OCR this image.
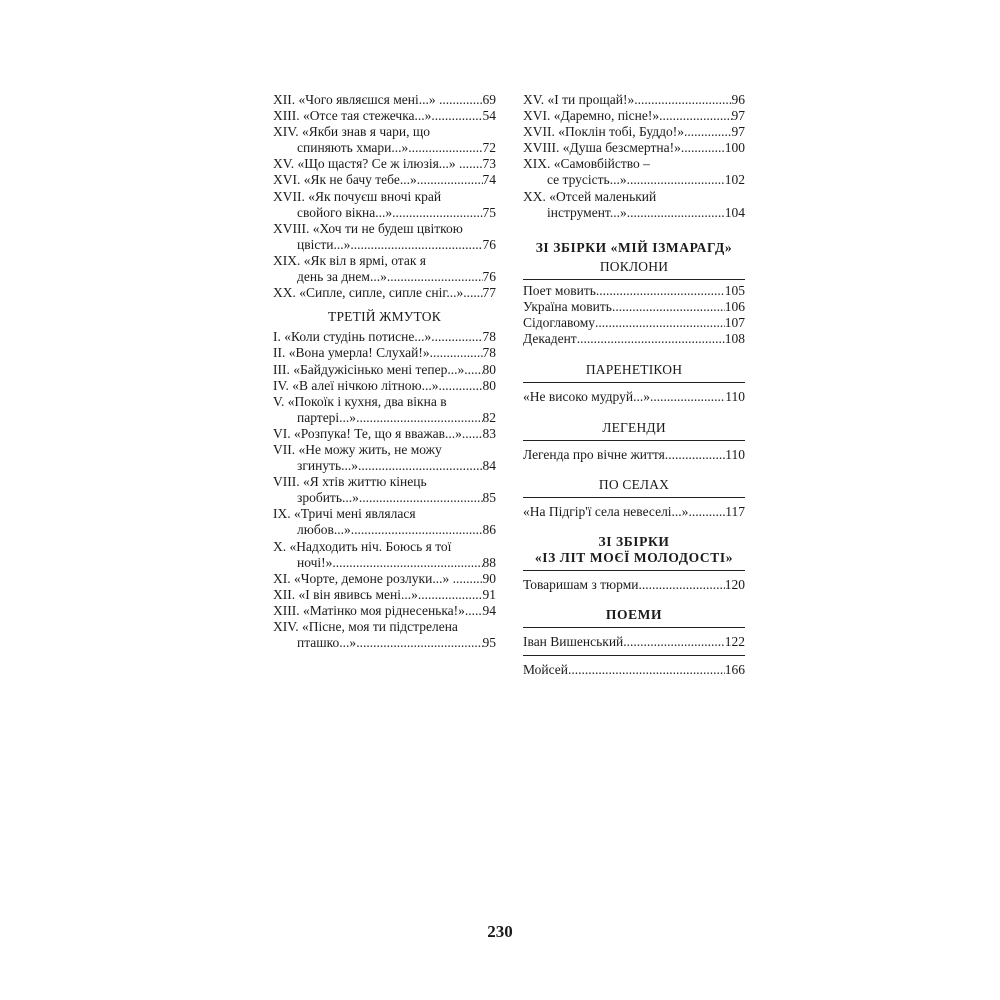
XII. «Чого являєшся мені...» ..... ..... 69
XIII. «Отсе тая стежечка...» .....	54
XIV. «Якби знав я чари, що
спиняють хмари...» .....	72
XV. «Що щастя? Се ж ілюзія...» . ..... 73
XVI. «Як не бачу тебе...» .....	74
XVII. «Як почуєш вночі край
свойого вікна...» .....	75
XVIII. «Хоч ти не будеш цвіткою
цвісти...» .....	76
XIX. «Як віл в ярмі, отак я
день за днем...» .....	76
XX. «Сипле, сипле, сипле сніг...» ..... 77
ТРЕТІЙ ЖМУТОК
I. «Коли студінь потисне...» .....	78
II. «Вона умерла! Слухай!» .....	78
III. «Байдужісінько мені тепер...» ..... 80
IV. «В алеї нічкою літною...» .....	80
V. «Покоїк і кухня, два вікна в
партері...» .....	82
VI. «Розпука! Те, що я вважав...» ..... 83
VII. «Не можу жить, не можу
згинуть...» .....	84
VIII. «Я хтів життю кінець
зробить...» .....	85
IX. «Тричі мені являлася
любов...» .....	86
X. «Надходить ніч. Боюсь я тої
ночі!» .....	88
XI. «Чорте, демоне розлуки...» . ..... 90
XII. «І він явивсь мені...» .....	91
XIII. «Матінко моя ріднесенька!» ..... 94
XIV. «Пісне, моя ти підстрелена
пташко...» .....	95
XV. «І ти прощай!» .....	96
XVI. «Даремно, пісне!» .....	97
XVII. «Поклін тобі, Буддо!» .....	97
XVIII. «Душа безсмертна!» .....	100
XIX. «Самовбійство –
се трусість...» .....	102
XX. «Отсей маленький
інструмент...» .....	104
ЗІ ЗБІРКИ «МІЙ ІЗМАРАГД»
ПОКЛОНИ
Поет мовить .....	105
Україна мовить .....	106
Сідоглавому .....	107
Декадент .....	108
ПАРЕНЕТІКОН
«Не високо мудруй...» .....	110
ЛЕГЕНДИ
Легенда про вічне життя .....	110
ПО СЕЛАХ
«На Підгір'ї села невеселі...» .....	117
ЗІ ЗБІРКИ
«ІЗ ЛІТ МОЄЇ МОЛОДОСТІ»
Товаришам з тюрми .....	120
ПОЕМИ
Іван Вишенський .....	122
Мойсей .....	166
230
